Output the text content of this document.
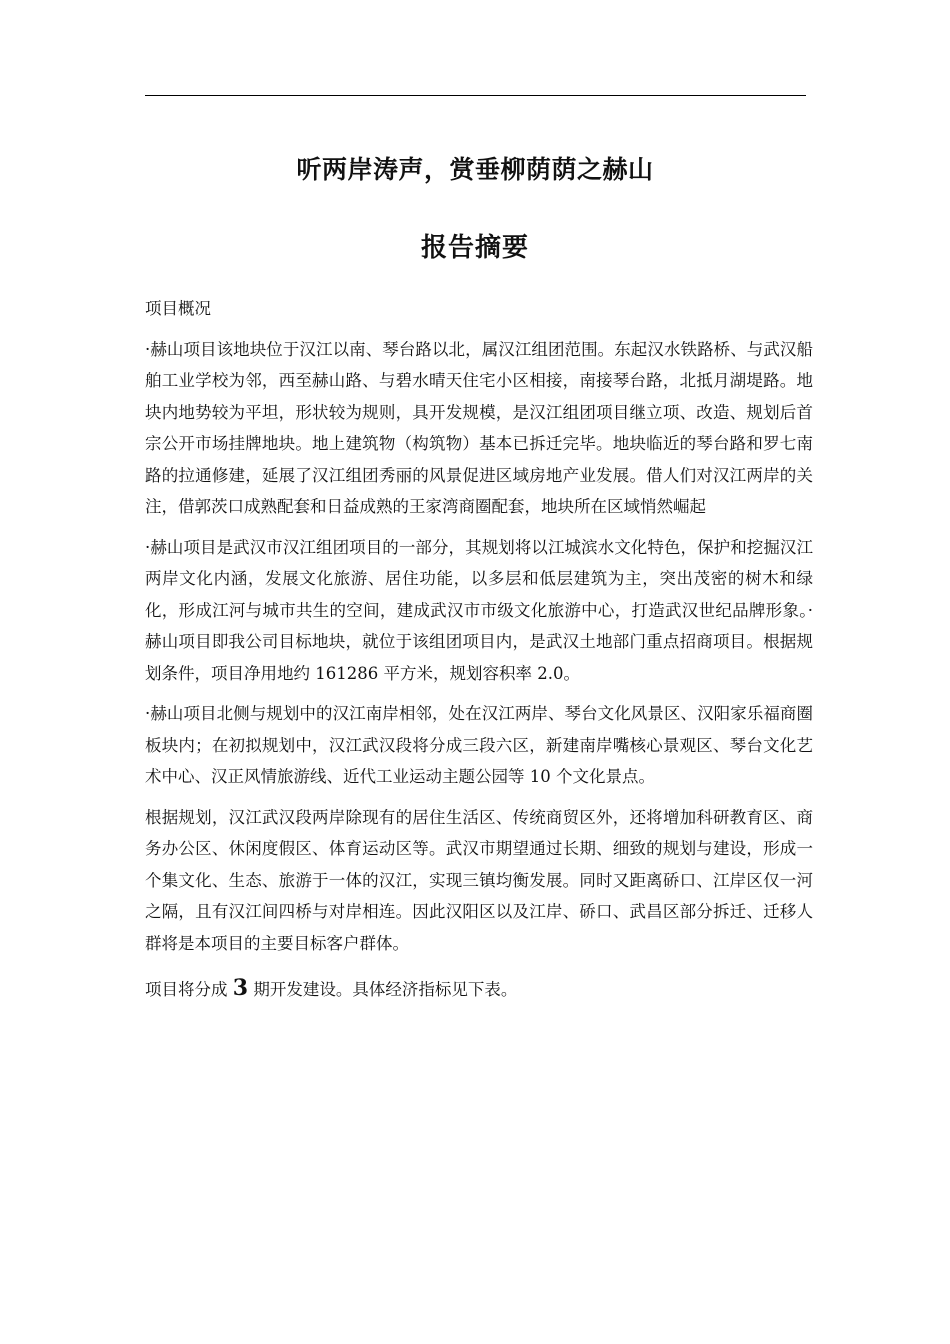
听两岸涛声，赏垂柳荫荫之赫山
报告摘要

项目概况

·赫山项目该地块位于汉江以南、琴台路以北，属汉江组团范围。东起汉水铁路桥、与武汉船舶工业学校为邻，西至赫山路、与碧水晴天住宅小区相接，南接琴台路，北抵月湖堤路。地块内地势较为平坦，形状较为规则，具开发规模，是汉江组团项目继立项、改造、规划后首宗公开市场挂牌地块。地上建筑物（构筑物）基本已拆迁完毕。地块临近的琴台路和罗七南路的拉通修建，延展了汉江组团秀丽的风景促进区域房地产业发展。借人们对汉江两岸的关注，借郭茨口成熟配套和日益成熟的王家湾商圈配套，地块所在区域悄然崛起

·赫山项目是武汉市汉江组团项目的一部分，其规划将以江城滨水文化特色，保护和挖掘汉江两岸文化内涵，发展文化旅游、居住功能，以多层和低层建筑为主，突出茂密的树木和绿化，形成江河与城市共生的空间，建成武汉市市级文化旅游中心，打造武汉世纪品牌形象。·赫山项目即我公司目标地块，就位于该组团项目内，是武汉土地部门重点招商项目。根据规划条件，项目净用地约 161286 平方米，规划容积率 2.0。

·赫山项目北侧与规划中的汉江南岸相邻，处在汉江两岸、琴台文化风景区、汉阳家乐福商圈板块内；在初拟规划中，汉江武汉段将分成三段六区，新建南岸嘴核心景观区、琴台文化艺术中心、汉正风情旅游线、近代工业运动主题公园等 10 个文化景点。

根据规划，汉江武汉段两岸除现有的居住生活区、传统商贸区外，还将增加科研教育区、商务办公区、休闲度假区、体育运动区等。武汉市期望通过长期、细致的规划与建设，形成一个集文化、生态、旅游于一体的汉江，实现三镇均衡发展。同时又距离硚口、江岸区仅一河之隔，且有汉江间四桥与对岸相连。因此汉阳区以及江岸、硚口、武昌区部分拆迁、迁移人群将是本项目的主要目标客户群体。

项目将分成 3 期开发建设。具体经济指标见下表。
